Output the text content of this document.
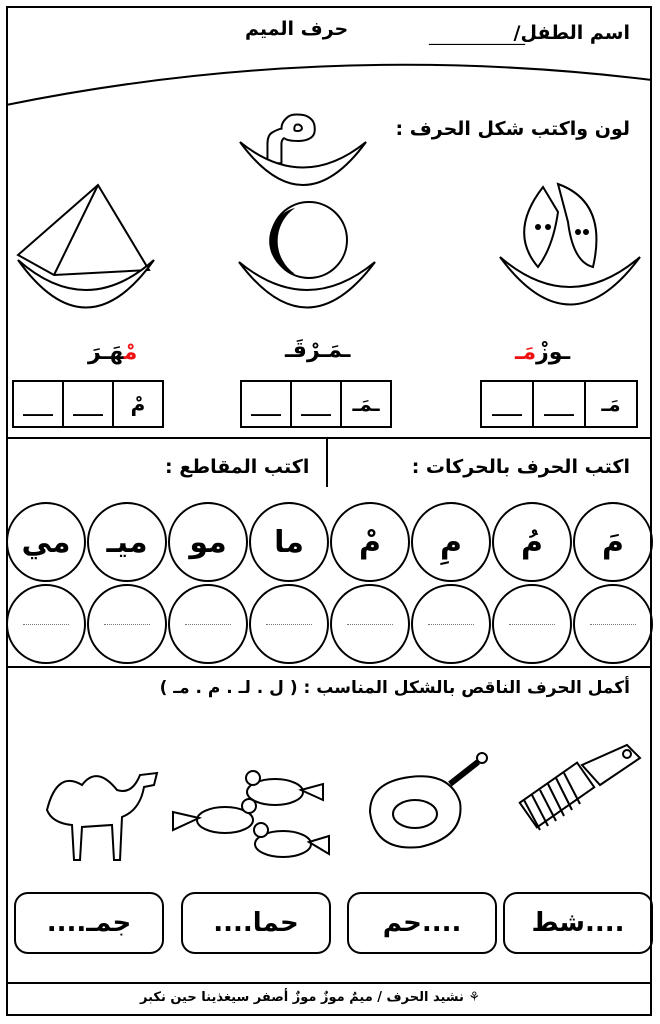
اسم الطفل/
____________
حرف الميم
لون واكتب شكل الحرف :
م
ـوزْمَـ
ـمَـرْقَـ
مْهَـرَ
مَـ
___
___
ـمَـ
___
___
مْ
___
___
اكتب الحرف بالحركات :
اكتب المقاطع :
مَ
مُ
مِ
مْ
ما
مو
ميـ
مي
أكمل الحرف الناقص بالشكل المناسب : ( ل . لـ . م . مـ )
....شط
....حم
حما....
جمـ....
⚘ نشيد الحرف / ميمٌ موزٌ موزٌ أصفر سيغذينا حين نكبر
